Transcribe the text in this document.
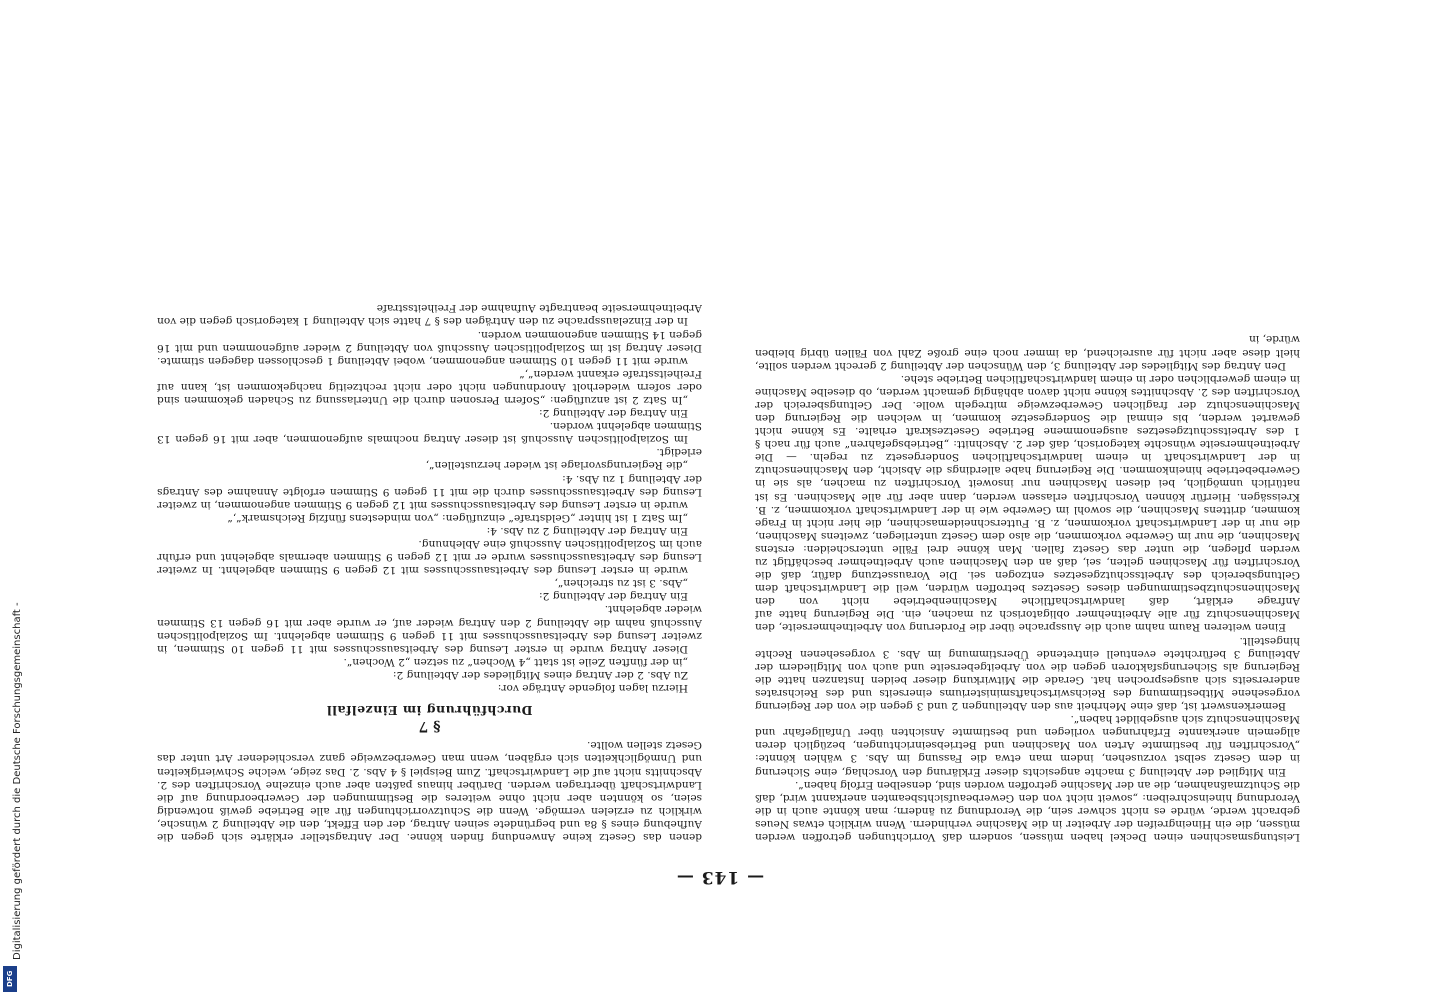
Digitalisierung gefördert durch die Deutsche Forschungsgemeinschaft -
DFG
— 143 —

Leistungsmaschinen einen Deckel haben müssen, sondern daß Vorrichtungen getroffen werden müssen, die ein Hineingreifen der Arbeiter in die Maschine verhindern. Wenn wirklich etwas Neues gebracht werde, würde es nicht schwer sein, die Verordnung zu ändern; man könnte auch in die Verordnung hineinschreiben: „soweit nicht von den Gewerbeaufsichtsbeamten anerkannt wird, daß die Schutzmaßnahmen, die an der Maschine getroffen worden sind, denselben Erfolg haben“.

Ein Mitglied der Abteilung 3 machte angesichts dieser Erklärung den Vorschlag, eine Sicherung in dem Gesetz selbst vorzusehen, indem man etwa die Fassung im Abs. 3 wählen könnte: „Vorschriften für bestimmte Arten von Maschinen und Betriebseinrichtungen, bezüglich deren allgemein anerkannte Erfahrungen vorliegen und bestimmte Ansichten über Unfallgefahr und Maschinenschutz sich ausgebildet haben“.

Bemerkenswert ist, daß eine Mehrheit aus den Abteilungen 2 und 3 gegen die von der Regierung vorgesehene Mitbestimmung des Reichswirtschaftsministeriums einerseits und des Reichsrates andererseits sich ausgesprochen hat. Gerade die Mitwirkung dieser beiden Instanzen hatte die Regierung als Sicherungsfaktoren gegen die von Arbeitgeberseite und auch von Mitgliedern der Abteilung 3 befürchtete eventuell eintretende Überstimmung im Abs. 3 vorgesehenen Rechte hingestellt.

Einen weiteren Raum nahm auch die Aussprache über die Forderung von Arbeitnehmerseite, den Maschinenschutz für alle Arbeitnehmer obligatorisch zu machen, ein. Die Regierung hatte auf Anfrage erklärt, daß landwirtschaftliche Maschinenbetriebe nicht von den Maschinenschutzbestimmungen dieses Gesetzes betroffen würden, weil die Landwirtschaft dem Geltungsbereich des Arbeitsschutzgesetzes entzogen sei. Die Voraussetzung dafür, daß die Vorschriften für Maschinen gelten, sei, daß an den Maschinen auch Arbeitnehmer beschäftigt zu werden pflegen, die unter das Gesetz fallen. Man könne drei Fälle unterscheiden: erstens Maschinen, die nur im Gewerbe vorkommen, die also dem Gesetz unterliegen, zweitens Maschinen, die nur in der Landwirtschaft vorkommen, z. B. Futterschneidemaschinen, die hier nicht in Frage kommen, drittens Maschinen, die sowohl im Gewerbe wie in der Landwirtschaft vorkommen, z. B. Kreissägen. Hierfür können Vorschriften erlassen werden, dann aber für alle Maschinen. Es ist natürlich unmöglich, bei diesen Maschinen nur insoweit Vorschriften zu machen, als sie in Gewerbebetriebe hineinkommen. Die Regierung habe allerdings die Absicht, den Maschinenschutz in der Landwirtschaft in einem landwirtschaftlichen Sondergesetz zu regeln. — Die Arbeitnehmerseite wünschte kategorisch, daß der 2. Abschnitt: „Betriebsgefahren“ auch für nach § 1 des Arbeitsschutzgesetzes ausgenommene Betriebe Gesetzeskraft erhalte. Es könne nicht gewartet werden, bis einmal die Sondergesetze kommen, in welchen die Regierung den Maschinenschutz der fraglichen Gewerbezweige mitregeln wolle. Der Geltungsbereich der Vorschriften des 2. Abschnittes könne nicht davon abhängig gemacht werden, ob dieselbe Maschine in einem gewerblichen oder in einem landwirtschaftlichen Betriebe stehe.

Den Antrag des Mitgliedes der Abteilung 3, den Wünschen der Abteilung 2 gerecht werden sollte, hielt diese aber nicht für ausreichend, da immer noch eine große Zahl von Fällen übrig bleiben würde, in

denen das Gesetz keine Anwendung finden könne. Der Antragsteller erklärte sich gegen die Aufhebung eines § 8a und begründete seinen Antrag, der den Effekt, den die Abteilung 2 wünsche, wirklich zu erzielen vermöge. Wenn die Schutzvorrichtungen für alle Betriebe gewiß notwendig seien, so könnten aber nicht ohne weiteres die Bestimmungen der Gewerbeordnung auf die Landwirtschaft übertragen werden. Darüber hinaus paßten aber auch einzelne Vorschriften des 2. Abschnitts nicht auf die Landwirtschaft. Zum Beispiel § 4 Abs. 2. Das zeige, welche Schwierigkeiten und Unmöglichkeiten sich ergäben, wenn man Gewerbezweige ganz verschiedener Art unter das Gesetz stellen wollte.

§ 7
Durchführung im Einzelfall

Hierzu lagen folgende Anträge vor:

Zu Abs. 2 der Antrag eines Mitgliedes der Abteilung 2:

„in der fünften Zeile ist statt „4 Wochen“ zu setzen „2 Wochen“.

Dieser Antrag wurde in erster Lesung des Arbeitsausschusses mit 11 gegen 10 Stimmen, in zweiter Lesung des Arbeitsausschusses mit 11 gegen 9 Stimmen abgelehnt. Im Sozialpolitischen Ausschuß nahm die Abteilung 2 den Antrag wieder auf, er wurde aber mit 16 gegen 13 Stimmen wieder abgelehnt.

Ein Antrag der Abteilung 2:

„Abs. 3 ist zu streichen“,

wurde in erster Lesung des Arbeitsausschusses mit 12 gegen 9 Stimmen abgelehnt. In zweiter Lesung des Arbeitsausschusses wurde er mit 12 gegen 9 Stimmen abermals abgelehnt und erfuhr auch im Sozialpolitischen Ausschuß eine Ablehnung.

Ein Antrag der Abteilung 2 zu Abs. 4:

„Im Satz 1 ist hinter „Geldstrafe“ einzufügen: „von mindestens fünfzig Reichsmark“,“

wurde in erster Lesung des Arbeitsausschusses mit 12 gegen 9 Stimmen angenommen, in zweiter Lesung des Arbeitsausschusses durch die mit 11 gegen 9 Stimmen erfolgte Annahme des Antrags der Abteilung 1 zu Abs. 4:

„die Regierungsvorlage ist wieder herzustellen“,

erledigt.

Im Sozialpolitischen Ausschuß ist dieser Antrag nochmals aufgenommen, aber mit 16 gegen 13 Stimmen abgelehnt worden.

Ein Antrag der Abteilung 2:

„In Satz 2 ist anzufügen: „Sofern Personen durch die Unterlassung zu Schaden gekommen sind oder sofern wiederholt Anordnungen nicht oder nicht rechtzeitig nachgekommen ist, kann auf Freiheitsstrafe erkannt werden“,“

wurde mit 11 gegen 10 Stimmen angenommen, wobei Abteilung 1 geschlossen dagegen stimmte. Dieser Antrag ist im Sozialpolitischen Ausschuß von Abteilung 2 wieder aufgenommen und mit 16 gegen 14 Stimmen angenommen worden.

In der Einzelaussprache zu den Anträgen des § 7 hatte sich Abteilung 1 kategorisch gegen die von Arbeitnehmerseite beantragte Aufnahme der Freiheitsstrafe
